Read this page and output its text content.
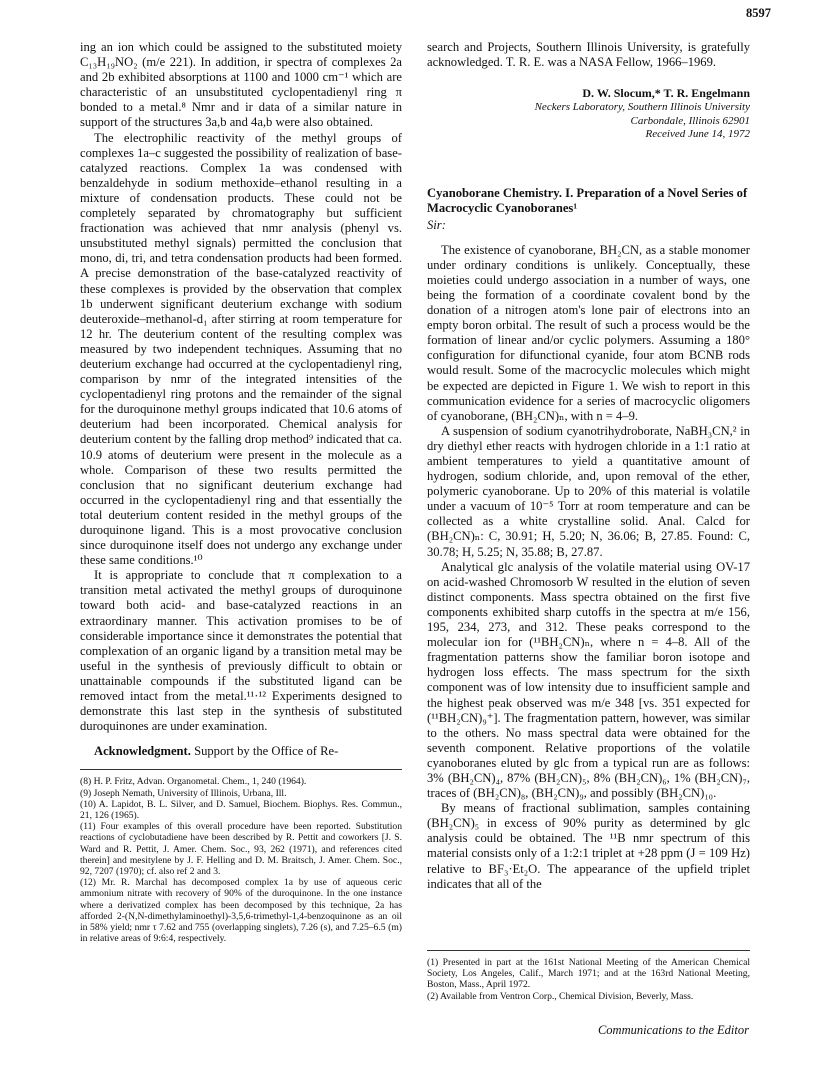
8597

ing an ion which could be assigned to the substituted moiety C₁₃H₁₉NO₂ (m/e 221). In addition, ir spectra of complexes 2a and 2b exhibited absorptions at 1100 and 1000 cm⁻¹ which are characteristic of an unsubstituted cyclopentadienyl ring π bonded to a metal.⁸ Nmr and ir data of a similar nature in support of the structures 3a,b and 4a,b were also obtained.

The electrophilic reactivity of the methyl groups of complexes 1a–c suggested the possibility of realization of base-catalyzed reactions. Complex 1a was condensed with benzaldehyde in sodium methoxide–ethanol resulting in a mixture of condensation products. These could not be completely separated by chromatography but sufficient fractionation was achieved that nmr analysis (phenyl vs. unsubstituted methyl signals) permitted the conclusion that mono, di, tri, and tetra condensation products had been formed. A precise demonstration of the base-catalyzed reactivity of these complexes is provided by the observation that complex 1b underwent significant deuterium exchange with sodium deuteroxide–methanol-d₁ after stirring at room temperature for 12 hr. The deuterium content of the resulting complex was measured by two independent techniques. Assuming that no deuterium exchange had occurred at the cyclopentadienyl ring, comparison by nmr of the integrated intensities of the cyclopentadienyl ring protons and the remainder of the signal for the duroquinone methyl groups indicated that 10.6 atoms of deuterium had been incorporated. Chemical analysis for deuterium content by the falling drop method⁹ indicated that ca. 10.9 atoms of deuterium were present in the molecule as a whole. Comparison of these two results permitted the conclusion that no significant deuterium exchange had occurred in the cyclopentadienyl ring and that essentially the total deuterium content resided in the methyl groups of the duroquinone ligand. This is a most provocative conclusion since duroquinone itself does not undergo any exchange under these same conditions.¹⁰

It is appropriate to conclude that π complexation to a transition metal activated the methyl groups of duroquinone toward both acid- and base-catalyzed reactions in an extraordinary manner. This activation promises to be of considerable importance since it demonstrates the potential that complexation of an organic ligand by a transition metal may be useful in the synthesis of previously difficult to obtain or unattainable compounds if the substituted ligand can be removed intact from the metal.¹¹·¹² Experiments designed to demonstrate this last step in the synthesis of substituted duroquinones are under examination.

Acknowledgment. Support by the Office of Re-

(8) H. P. Fritz, Advan. Organometal. Chem., 1, 240 (1964).

(9) Joseph Nemath, University of Illinois, Urbana, Ill.

(10) A. Lapidot, B. L. Silver, and D. Samuel, Biochem. Biophys. Res. Commun., 21, 126 (1965).

(11) Four examples of this overall procedure have been reported. Substitution reactions of cyclobutadiene have been described by R. Pettit and coworkers [J. S. Ward and R. Pettit, J. Amer. Chem. Soc., 93, 262 (1971), and references cited therein] and mesitylene by J. F. Helling and D. M. Braitsch, J. Amer. Chem. Soc., 92, 7207 (1970); cf. also ref 2 and 3.

(12) Mr. R. Marchal has decomposed complex 1a by use of aqueous ceric ammonium nitrate with recovery of 90% of the duroquinone. In the one instance where a derivatized complex has been decomposed by this technique, 2a has afforded 2-(N,N-dimethylaminoethyl)-3,5,6-trimethyl-1,4-benzoquinone as an oil in 58% yield; nmr τ 7.62 and 755 (overlapping singlets), 7.26 (s), and 7.25–6.5 (m) in relative areas of 9:6:4, respectively.

search and Projects, Southern Illinois University, is gratefully acknowledged. T. R. E. was a NASA Fellow, 1966–1969.

D. W. Slocum,* T. R. Engelmann
Neckers Laboratory, Southern Illinois University
Carbondale, Illinois 62901
Received June 14, 1972
Cyanoborane Chemistry. I. Preparation of a Novel Series of Macrocyclic Cyanoboranes¹
Sir:

The existence of cyanoborane, BH₂CN, as a stable monomer under ordinary conditions is unlikely. Conceptually, these moieties could undergo association in a number of ways, one being the formation of a coordinate covalent bond by the donation of a nitrogen atom's lone pair of electrons into an empty boron orbital. The result of such a process would be the formation of linear and/or cyclic polymers. Assuming a 180° configuration for difunctional cyanide, four atom BCNB rods would result. Some of the macrocyclic molecules which might be expected are depicted in Figure 1. We wish to report in this communication evidence for a series of macrocyclic oligomers of cyanoborane, (BH₂CN)ₙ, with n = 4–9.

A suspension of sodium cyanotrihydroborate, NaBH₃CN,² in dry diethyl ether reacts with hydrogen chloride in a 1:1 ratio at ambient temperatures to yield a quantitative amount of hydrogen, sodium chloride, and, upon removal of the ether, polymeric cyanoborane. Up to 20% of this material is volatile under a vacuum of 10⁻⁵ Torr at room temperature and can be collected as a white crystalline solid. Anal. Calcd for (BH₂CN)ₙ: C, 30.91; H, 5.20; N, 36.06; B, 27.85. Found: C, 30.78; H, 5.25; N, 35.88; B, 27.87.

Analytical glc analysis of the volatile material using OV-17 on acid-washed Chromosorb W resulted in the elution of seven distinct components. Mass spectra obtained on the first five components exhibited sharp cutoffs in the spectra at m/e 156, 195, 234, 273, and 312. These peaks correspond to the molecular ion for (¹¹BH₂CN)ₙ, where n = 4–8. All of the fragmentation patterns show the familiar boron isotope and hydrogen loss effects. The mass spectrum for the sixth component was of low intensity due to insufficient sample and the highest peak observed was m/e 348 [vs. 351 expected for (¹¹BH₂CN)₉⁺]. The fragmentation pattern, however, was similar to the others. No mass spectral data were obtained for the seventh component. Relative proportions of the volatile cyanoboranes eluted by glc from a typical run are as follows: 3% (BH₂CN)₄, 87% (BH₂CN)₅, 8% (BH₂CN)₆, 1% (BH₂CN)₇, traces of (BH₂CN)₈, (BH₂CN)₉, and possibly (BH₂CN)₁₀.

By means of fractional sublimation, samples containing (BH₂CN)₅ in excess of 90% purity as determined by glc analysis could be obtained. The ¹¹B nmr spectrum of this material consists only of a 1:2:1 triplet at +28 ppm (J = 109 Hz) relative to BF₃·Et₂O. The appearance of the upfield triplet indicates that all of the

(1) Presented in part at the 161st National Meeting of the American Chemical Society, Los Angeles, Calif., March 1971; and at the 163rd National Meeting, Boston, Mass., April 1972.

(2) Available from Ventron Corp., Chemical Division, Beverly, Mass.

Communications to the Editor
